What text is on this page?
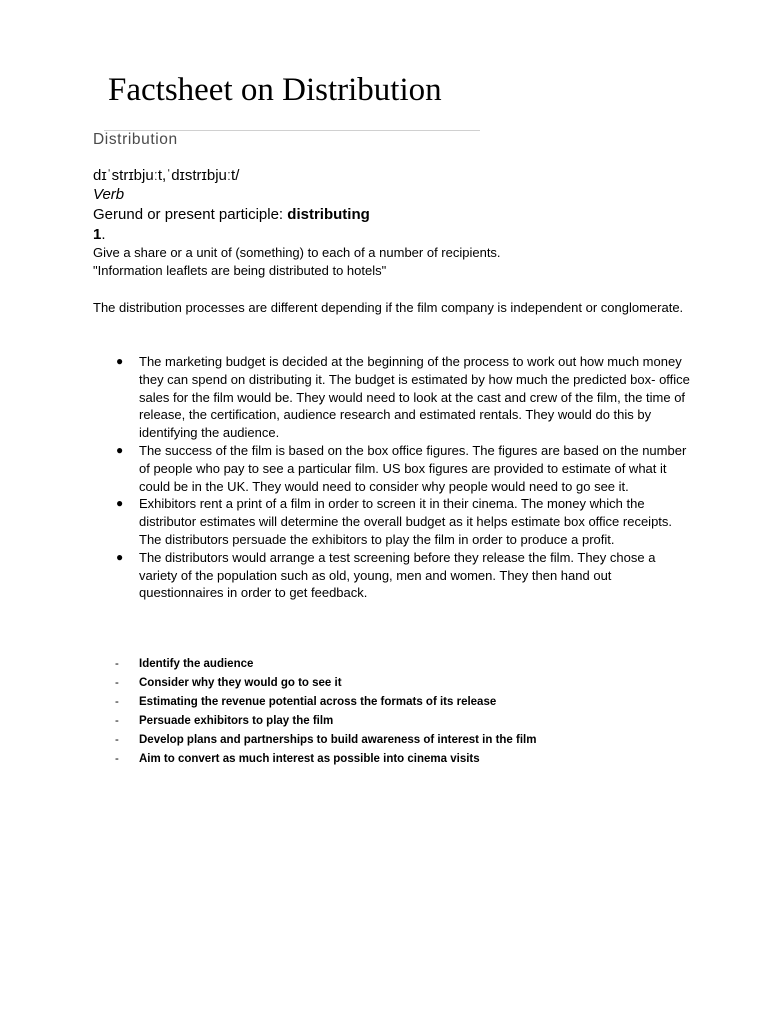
Factsheet on Distribution
Distribution
dɪˈstrɪbjuːt,ˈdɪstrɪbjuːt/
Verb
Gerund or present participle: distributing
1.
Give a share or a unit of (something) to each of a number of recipients.
"Information leaflets are being distributed to hotels"

The distribution processes are different depending if the film company is independent or conglomerate.

● The marketing budget is decided at the beginning of the process to work out how much money they can spend on distributing it. The budget is estimated by how much the predicted box- office sales for the film would be. They would need to look at the cast and crew of the film, the time of release, the certification, audience research and estimated rentals. They would do this by identifying the audience.
● The success of the film is based on the box office figures. The figures are based on the number of people who pay to see a particular film. US box figures are provided to estimate of what it could be in the UK. They would need to consider why people would need to go see it.
● Exhibitors rent a print of a film in order to screen it in their cinema. The money which the distributor estimates will determine the overall budget as it helps estimate box office receipts. The distributors persuade the exhibitors to play the film in order to produce a profit.
● The distributors would arrange a test screening before they release the film. They chose a variety of the population such as old, young, men and women. They then hand out questionnaires in order to get feedback.
- Identify the audience
- Consider why they would go to see it
- Estimating the revenue potential across the formats of its release
- Persuade exhibitors to play the film
- Develop plans and partnerships to build awareness of interest in the film
- Aim to convert as much interest as possible into cinema visits
